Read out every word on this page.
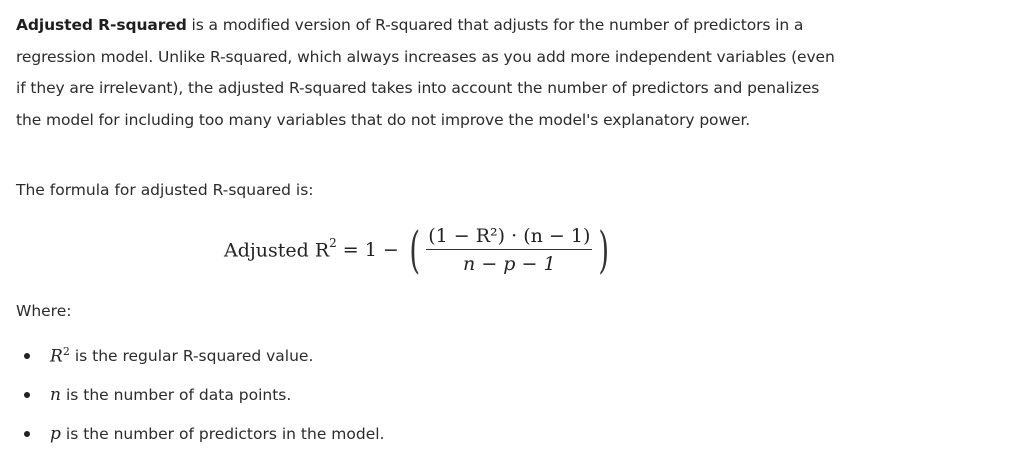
Adjusted R-squared is a modified version of R-squared that adjusts for the number of predictors in a regression model. Unlike R-squared, which always increases as you add more independent variables (even if they are irrelevant), the adjusted R-squared takes into account the number of predictors and penalizes the model for including too many variables that do not improve the model's explanatory power.

The formula for adjusted R-squared is:

Adjusted $R^2 = 1$ − ( $\frac{\text{(1 − R²) · (n − 1)}}{n - p - 1}$ )

Where:

$R^2$ is the regular R-squared value.
n is the number of data points.
p is the number of predictors in the model.
